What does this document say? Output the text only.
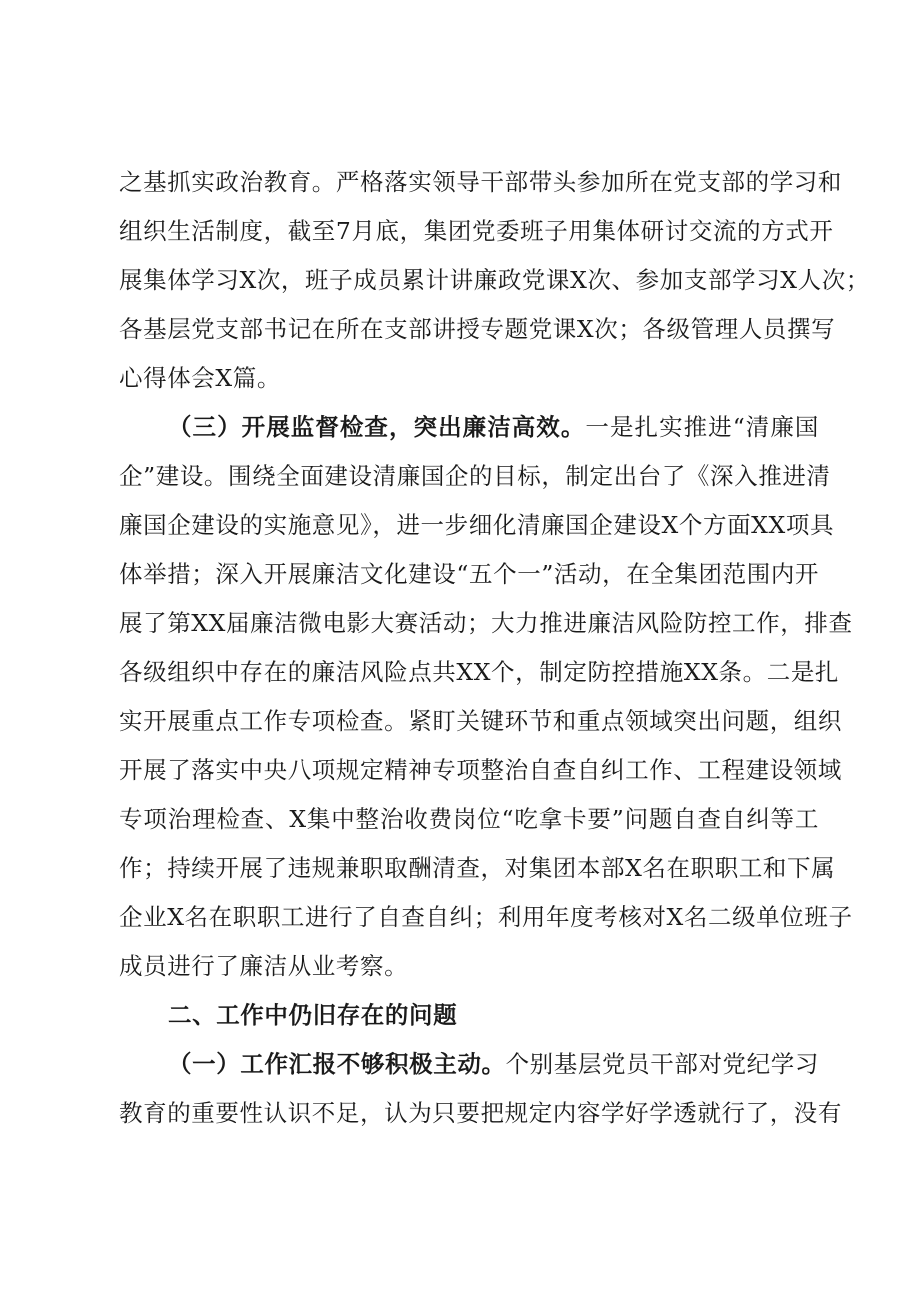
之基抓实政治教育。严格落实领导干部带头参加所在党支部的学习和
组织生活制度，截至7月底，集团党委班子用集体研讨交流的方式开
展集体学习X次，班子成员累计讲廉政党课X次、参加支部学习X人次；
各基层党支部书记在所在支部讲授专题党课X次；各级管理人员撰写
心得体会X篇。
（三）开展监督检查，突出廉洁高效。一是扎实推进“清廉国
企”建设。围绕全面建设清廉国企的目标，制定出台了《深入推进清
廉国企建设的实施意见》，进一步细化清廉国企建设X个方面XX项具
体举措；深入开展廉洁文化建设“五个一”活动，在全集团范围内开
展了第XX届廉洁微电影大赛活动；大力推进廉洁风险防控工作，排查
各级组织中存在的廉洁风险点共XX个，制定防控措施XX条。二是扎
实开展重点工作专项检查。紧盯关键环节和重点领域突出问题，组织
开展了落实中央八项规定精神专项整治自查自纠工作、工程建设领域
专项治理检查、X集中整治收费岗位“吃拿卡要”问题自查自纠等工
作；持续开展了违规兼职取酬清查，对集团本部X名在职职工和下属
企业X名在职职工进行了自查自纠；利用年度考核对X名二级单位班子
成员进行了廉洁从业考察。
二、工作中仍旧存在的问题
（一）工作汇报不够积极主动。个别基层党员干部对党纪学习
教育的重要性认识不足，认为只要把规定内容学好学透就行了，没有
